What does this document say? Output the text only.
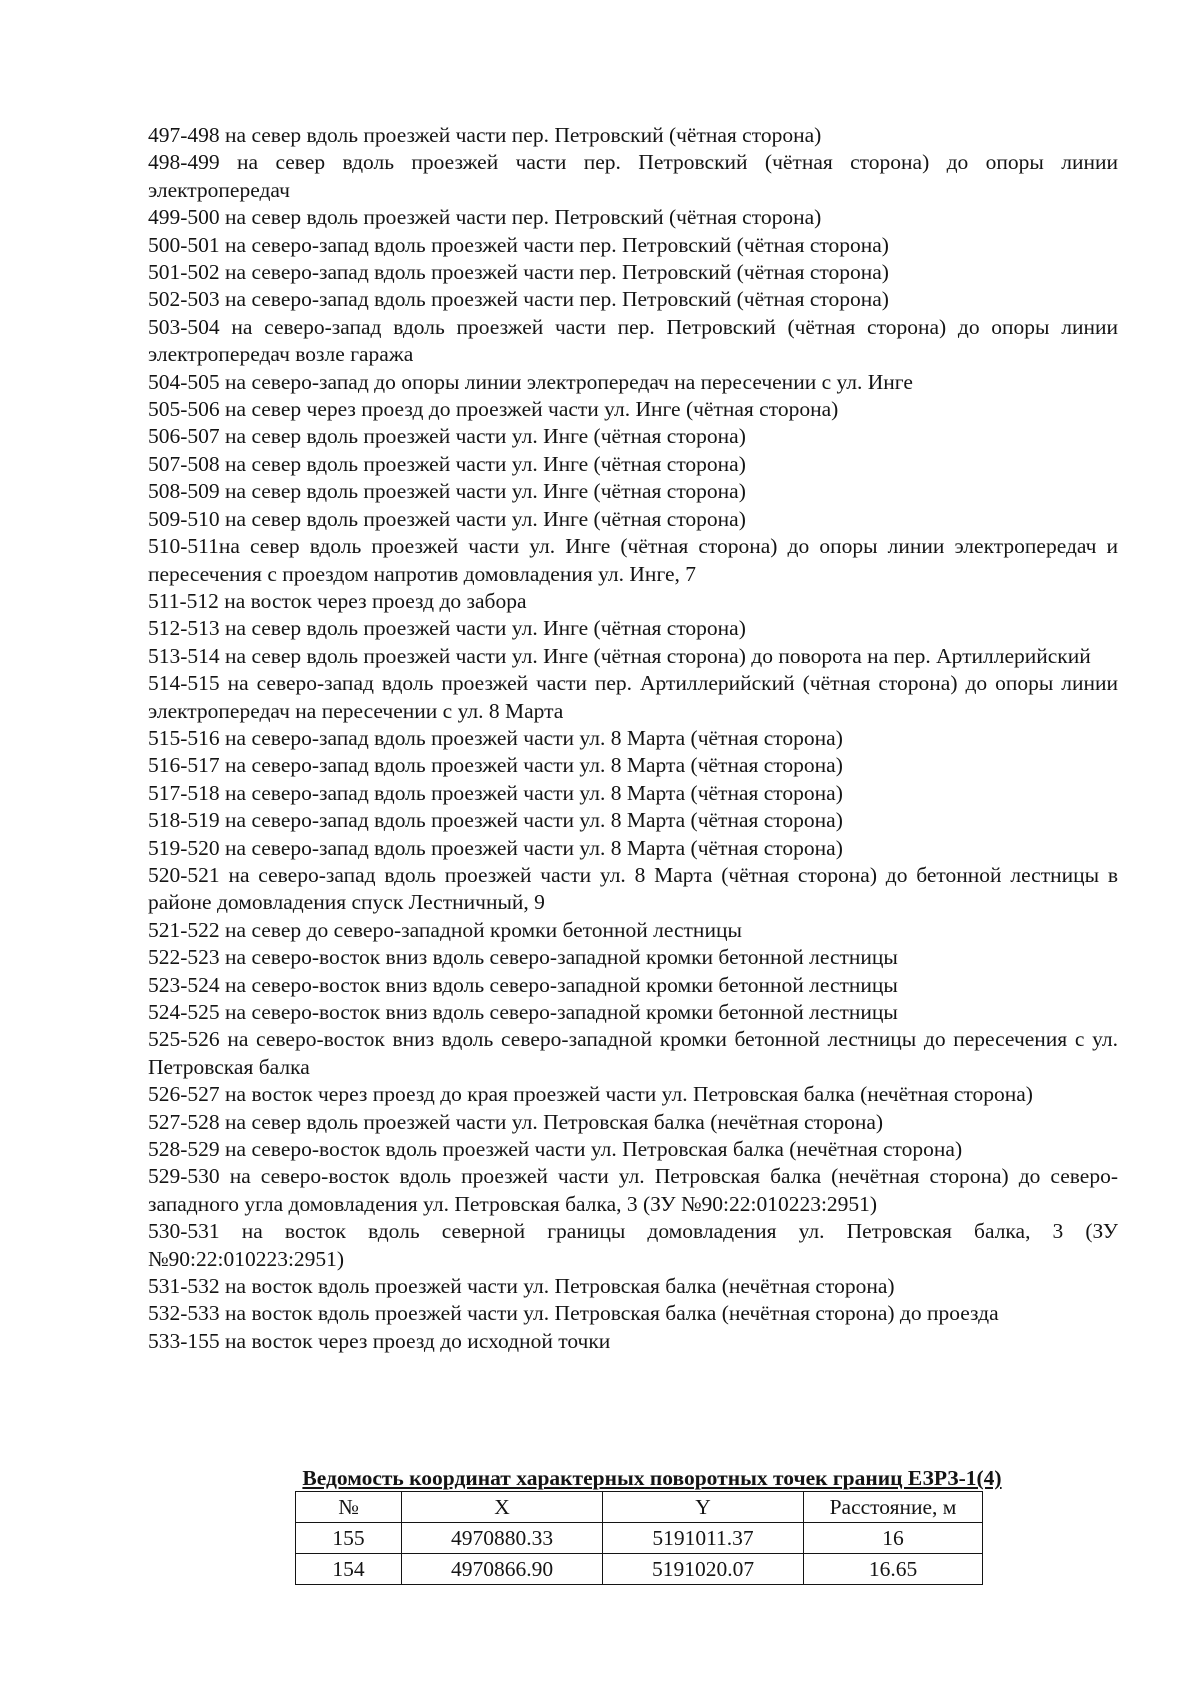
497-498 на север вдоль проезжей части пер. Петровский (чётная сторона)
498-499 на север вдоль проезжей части пер. Петровский (чётная сторона) до опоры линии электропередач
499-500 на север вдоль проезжей части пер. Петровский (чётная сторона)
500-501 на северо-запад вдоль проезжей части пер. Петровский (чётная сторона)
501-502 на северо-запад вдоль проезжей части пер. Петровский (чётная сторона)
502-503 на северо-запад вдоль проезжей части пер. Петровский (чётная сторона)
503-504 на северо-запад вдоль проезжей части пер. Петровский (чётная сторона) до опоры линии электропередач возле гаража
504-505 на северо-запад до опоры линии электропередач на пересечении с ул. Инге
505-506 на север через проезд до проезжей части ул. Инге (чётная сторона)
506-507 на север вдоль проезжей части ул. Инге (чётная сторона)
507-508 на север вдоль проезжей части ул. Инге (чётная сторона)
508-509 на север вдоль проезжей части ул. Инге (чётная сторона)
509-510 на север вдоль проезжей части ул. Инге (чётная сторона)
510-511на север вдоль проезжей части ул. Инге (чётная сторона) до опоры линии электропередач и пересечения с проездом напротив домовладения ул. Инге, 7
511-512 на восток через проезд до забора
512-513 на север вдоль проезжей части ул. Инге (чётная сторона)
513-514 на север вдоль проезжей части ул. Инге (чётная сторона) до поворота на пер. Артиллерийский
514-515 на северо-запад вдоль проезжей части пер. Артиллерийский (чётная сторона) до опоры линии электропередач на пересечении с ул. 8 Марта
515-516 на северо-запад вдоль проезжей части ул. 8 Марта (чётная сторона)
516-517 на северо-запад вдоль проезжей части ул. 8 Марта (чётная сторона)
517-518 на северо-запад вдоль проезжей части ул. 8 Марта (чётная сторона)
518-519 на северо-запад вдоль проезжей части ул. 8 Марта (чётная сторона)
519-520 на северо-запад вдоль проезжей части ул. 8 Марта (чётная сторона)
520-521 на северо-запад вдоль проезжей части ул. 8 Марта (чётная сторона) до бетонной лестницы в районе домовладения спуск Лестничный, 9
521-522 на север до северо-западной кромки бетонной лестницы
522-523 на северо-восток вниз вдоль северо-западной кромки бетонной лестницы
523-524 на северо-восток вниз вдоль северо-западной кромки бетонной лестницы
524-525 на северо-восток вниз вдоль северо-западной кромки бетонной лестницы
525-526 на северо-восток вниз вдоль северо-западной кромки бетонной лестницы до пересечения с ул. Петровская балка
526-527 на восток через проезд до края проезжей части ул. Петровская балка (нечётная сторона)
527-528 на север вдоль проезжей части ул. Петровская балка (нечётная сторона)
528-529 на северо-восток вдоль проезжей части ул. Петровская балка (нечётная сторона)
529-530 на северо-восток вдоль проезжей части ул. Петровская балка (нечётная сторона) до северо-западного угла домовладения ул. Петровская балка, 3 (ЗУ №90:22:010223:2951)
530-531 на восток вдоль северной границы домовладения ул. Петровская балка, 3 (ЗУ №90:22:010223:2951)
531-532 на восток вдоль проезжей части ул. Петровская балка (нечётная сторона)
532-533 на восток вдоль проезжей части ул. Петровская балка (нечётная сторона) до проезда
533-155 на восток через проезд до исходной точки
Ведомость координат характерных поворотных точек границ ЕЗРЗ-1(4)
№	X	Y	Расстояние, м
155	4970880.33	5191011.37	16
154	4970866.90	5191020.07	16.65
